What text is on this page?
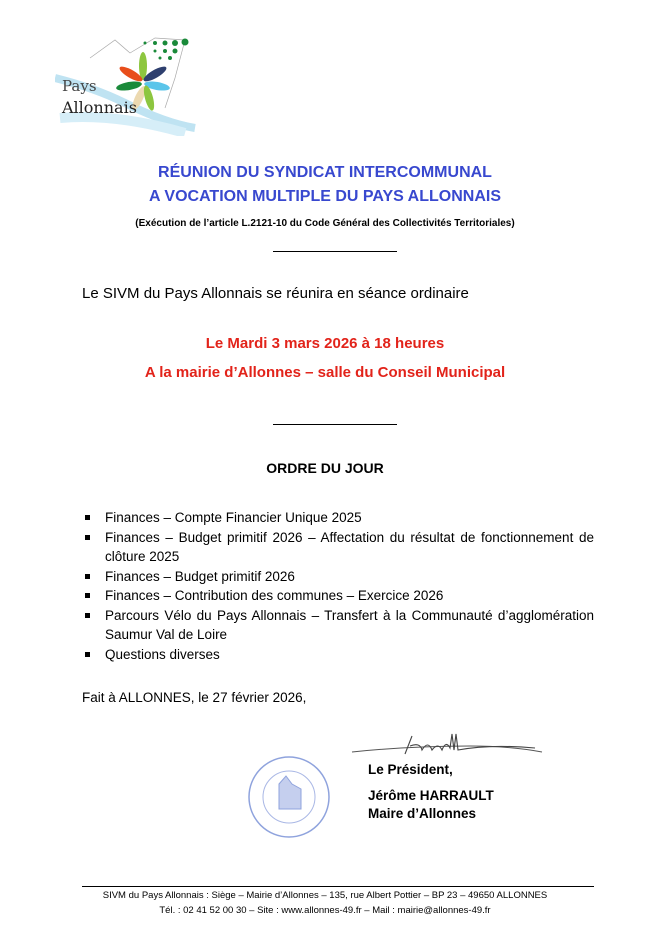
Pays
Allonnais
RÉUNION DU SYNDICAT INTERCOMMUNAL
A VOCATION MULTIPLE DU PAYS ALLONNAIS
(Exécution de l’article L.2121-10 du Code Général des Collectivités Territoriales)
Le SIVM du Pays Allonnais se réunira en séance ordinaire
Le Mardi 3 mars 2026 à 18 heures
A la mairie d’Allonnes – salle du Conseil Municipal
ORDRE DU JOUR
Finances – Compte Financier Unique 2025
Finances – Budget primitif 2026 – Affectation du résultat de fonctionnement de clôture 2025
Finances – Budget primitif 2026
Finances – Contribution des communes – Exercice 2026
Parcours Vélo du Pays Allonnais – Transfert à la Communauté d’agglomération Saumur Val de Loire
Questions diverses
Fait à ALLONNES, le 27 février 2026,
Le Président,
Jérôme HARRAULT
Maire d’Allonnes
SIVM du Pays Allonnais : Siège – Mairie d’Allonnes – 135, rue Albert Pottier – BP 23 – 49650 ALLONNES
Tél. : 02 41 52 00 30 – Site : www.allonnes-49.fr – Mail : mairie@allonnes-49.fr
